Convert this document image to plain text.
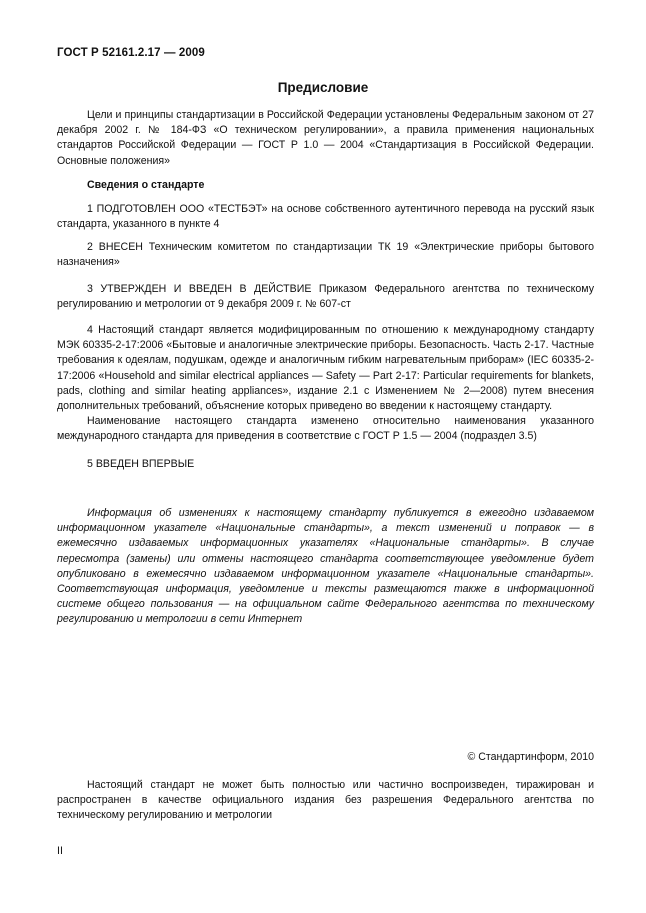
ГОСТ Р 52161.2.17 — 2009
Предисловие

Цели и принципы стандартизации в Российской Федерации установлены Федеральным законом от 27 декабря 2002 г. № 184-ФЗ «О техническом регулировании», а правила применения национальных стандартов Российской Федерации — ГОСТ Р 1.0 — 2004 «Стандартизация в Российской Федерации. Основные положения»

Сведения о стандарте

1 ПОДГОТОВЛЕН ООО «ТЕСТБЭТ» на основе собственного аутентичного перевода на русский язык стандарта, указанного в пункте 4

2 ВНЕСЕН Техническим комитетом по стандартизации ТК 19 «Электрические приборы бытового назначения»

3 УТВЕРЖДЕН И ВВЕДЕН В ДЕЙСТВИЕ Приказом Федерального агентства по техническому регулированию и метрологии от 9 декабря 2009 г. № 607-ст

4 Настоящий стандарт является модифицированным по отношению к международному стандарту МЭК 60335-2-17:2006 «Бытовые и аналогичные электрические приборы. Безопасность. Часть 2-17. Частные требования к одеялам, подушкам, одежде и аналогичным гибким нагревательным приборам» (IEC 60335-2-17:2006 «Household and similar electrical appliances — Safety — Part 2-17: Particular requirements for blankets, pads, clothing and similar heating appliances», издание 2.1 с Изменением № 2—2008) путем внесения дополнительных требований, объяснение которых приведено во введении к настоящему стандарту.

Наименование настоящего стандарта изменено относительно наименования указанного международного стандарта для приведения в соответствие с ГОСТ Р 1.5 — 2004 (подраздел 3.5)

5 ВВЕДЕН ВПЕРВЫЕ

Информация об изменениях к настоящему стандарту публикуется в ежегодно издаваемом информационном указателе «Национальные стандарты», а текст изменений и поправок — в ежемесячно издаваемых информационных указателях «Национальные стандарты». В случае пересмотра (замены) или отмены настоящего стандарта соответствующее уведомление будет опубликовано в ежемесячно издаваемом информационном указателе «Национальные стандарты». Соответствующая информация, уведомление и тексты размещаются также в информационной системе общего пользования — на официальном сайте Федерального агентства по техническому регулированию и метрологии в сети Интернет

© Стандартинформ, 2010

Настоящий стандарт не может быть полностью или частично воспроизведен, тиражирован и распространен в качестве официального издания без разрешения Федерального агентства по техническому регулированию и метрологии

II
